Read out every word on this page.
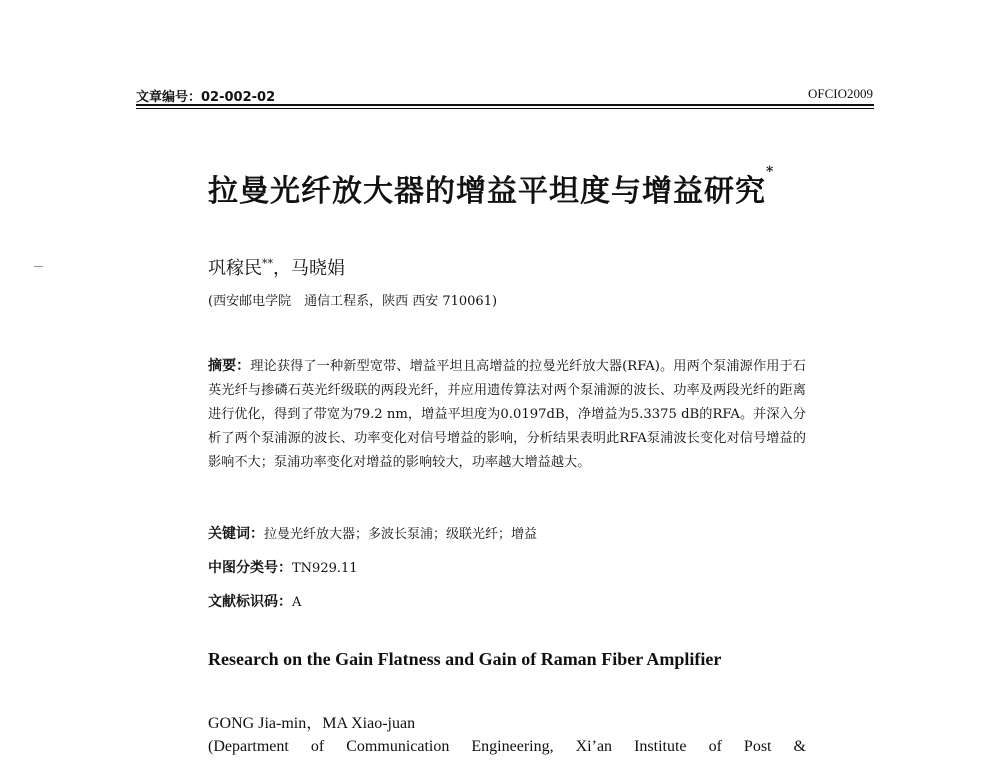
文章编号：02-002-02	OFCIO2009
拉曼光纤放大器的增益平坦度与增益研究*
巩稼民**，马晓娟
(西安邮电学院　通信工程系，陕西 西安 710061)
摘要：理论获得了一种新型宽带、增益平坦且高增益的拉曼光纤放大器(RFA)。用两个泵浦源作用于石英光纤与掺磷石英光纤级联的两段光纤，并应用遗传算法对两个泵浦源的波长、功率及两段光纤的距离进行优化，得到了带宽为79.2 nm，增益平坦度为0.0197dB，净增益为5.3375 dB的RFA。并深入分析了两个泵浦源的波长、功率变化对信号增益的影响，分析结果表明此RFA泵浦波长变化对信号增益的影响不大；泵浦功率变化对增益的影响较大，功率越大增益越大。
关键词：拉曼光纤放大器；多波长泵浦；级联光纤；增益
中图分类号：TN929.11
文献标识码：A
Research on the Gain Flatness and Gain of Raman Fiber Amplifier
GONG Jia-min，MA Xiao-juan
(Department of Communication Engineering, Xi’an Institute of Post &
